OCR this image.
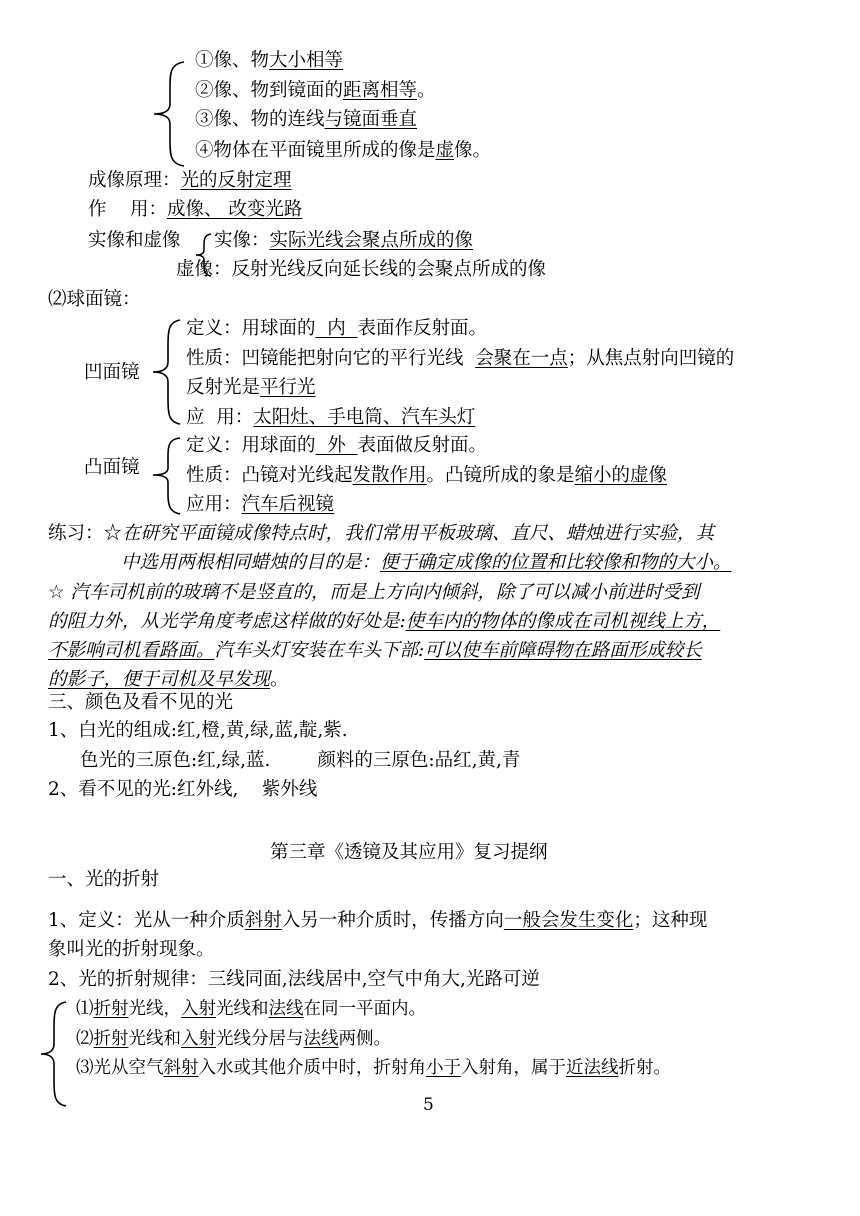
①像、物大小相等
②像、物到镜面的距离相等。
③像、物的连线与镜面垂直
④物体在平面镜里所成的像是虚像。
成像原理：光的反射定理
作    用：成像、 改变光路
实像和虚像 实像：实际光线会聚点所成的像
虚像：反射光线反向延长线的会聚点所成的像
⑵球面镜：
凹面镜
定义：用球面的  内  表面作反射面。
性质：凹镜能把射向它的平行光线  会聚在一点；从焦点射向凹镜的
反射光是平行光
应  用：太阳灶、手电筒、汽车头灯
凸面镜
定义：用球面的  外  表面做反射面。
性质：凸镜对光线起发散作用。凸镜所成的象是缩小的虚像
应用：汽车后视镜
练习：☆在研究平面镜成像特点时，我们常用平板玻璃、直尺、蜡烛进行实验，其
中选用两根相同蜡烛的目的是：便于确定成像的位置和比较像和物的大小。
☆ 汽车司机前的玻璃不是竖直的，而是上方向内倾斜，除了可以减小前进时受到
的阻力外，从光学角度考虑这样做的好处是:使车内的物体的像成在司机视线上方，
不影响司机看路面。汽车头灯安装在车头下部:可以使车前障碍物在路面形成较长
的影子，便于司机及早发现。
三、颜色及看不见的光
1、白光的组成:红,橙,黄,绿,蓝,靛,紫.
色光的三原色:红,绿,蓝.        颜料的三原色:品红,黄,青
2、看不见的光:红外线,    紫外线
第三章《透镜及其应用》复习提纲
一、光的折射
1、定义：光从一种介质斜射入另一种介质时，传播方向一般会发生变化；这种现
象叫光的折射现象。
2、光的折射规律：三线同面,法线居中,空气中角大,光路可逆
⑴折射光线，入射光线和法线在同一平面内。
⑵折射光线和入射光线分居与法线两侧。
⑶光从空气斜射入水或其他介质中时，折射角小于入射角，属于近法线折射。
5
